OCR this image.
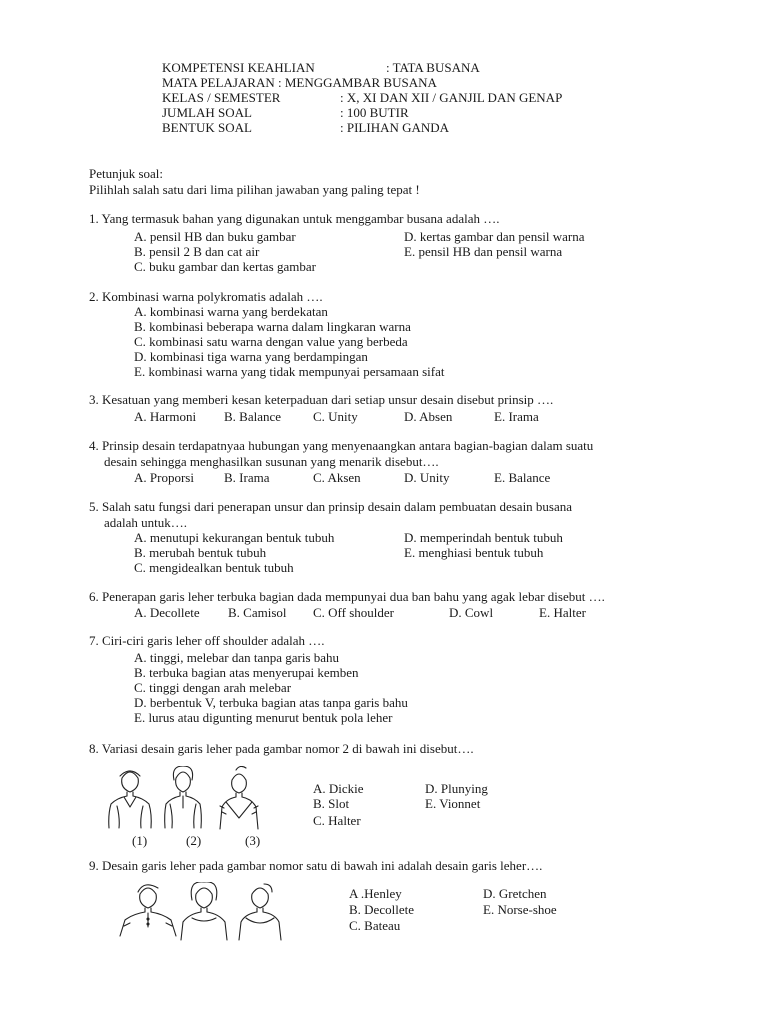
KOMPETENSI KEAHLIAN	: TATA BUSANA
MATA PELAJARAN : MENGGAMBAR BUSANA
KELAS / SEMESTER	: X, XI DAN XII / GANJIL DAN GENAP
JUMLAH SOAL	: 100 BUTIR
BENTUK SOAL	: PILIHAN GANDA
Petunjuk soal:
Pilihlah salah satu dari lima pilihan jawaban yang paling tepat !
1. Yang termasuk bahan yang digunakan untuk menggambar busana adalah ….
A. pensil HB dan buku gambar
B. pensil 2 B dan cat air
C. buku gambar dan kertas gambar
D. kertas gambar dan pensil warna
E. pensil HB dan pensil warna
2. Kombinasi warna polykromatis adalah ….
A. kombinasi warna yang berdekatan
B. kombinasi beberapa warna dalam lingkaran warna
C. kombinasi satu warna dengan value yang berbeda
D. kombinasi tiga warna yang berdampingan
E. kombinasi warna yang tidak mempunyai persamaan sifat
3. Kesatuan yang memberi kesan keterpaduan dari setiap unsur desain disebut prinsip ….
A. Harmoni B. Balance C. Unity	D. Absen	E. Irama
4. Prinsip desain terdapatnyaa hubungan yang menyenaangkan antara bagian-bagian dalam suatu
desain sehingga menghasilkan susunan yang menarik disebut….
A. Proporsi B. Irama	C. Aksen	D. Unity	E. Balance
5. Salah satu fungsi dari penerapan unsur dan prinsip desain dalam pembuatan desain busana
adalah untuk….
A. menutupi kekurangan bentuk tubuh
B. merubah bentuk tubuh
C. mengidealkan bentuk tubuh
D. memperindah bentuk tubuh
E. menghiasi bentuk tubuh
6. Penerapan garis leher terbuka bagian dada mempunyai dua ban bahu yang agak lebar disebut ….
A. Decollete B. Camisol C. Off shoulder	D. Cowl	E. Halter
7. Ciri-ciri garis leher off shoulder adalah ….
A. tinggi, melebar dan tanpa garis bahu
B. terbuka bagian atas menyerupai kemben
C. tinggi dengan arah melebar
D. berbentuk V, terbuka bagian atas tanpa garis bahu
E. lurus atau digunting menurut bentuk pola leher
8. Variasi desain garis leher pada gambar nomor 2 di bawah ini disebut….
(1)	(2)	(3)
A. Dickie
B. Slot
C. Halter
D. Plunying
E. Vionnet
9. Desain garis leher pada gambar nomor satu di bawah ini adalah desain garis leher….
A .Henley
B. Decollete
C. Bateau
D. Gretchen
E. Norse-shoe
